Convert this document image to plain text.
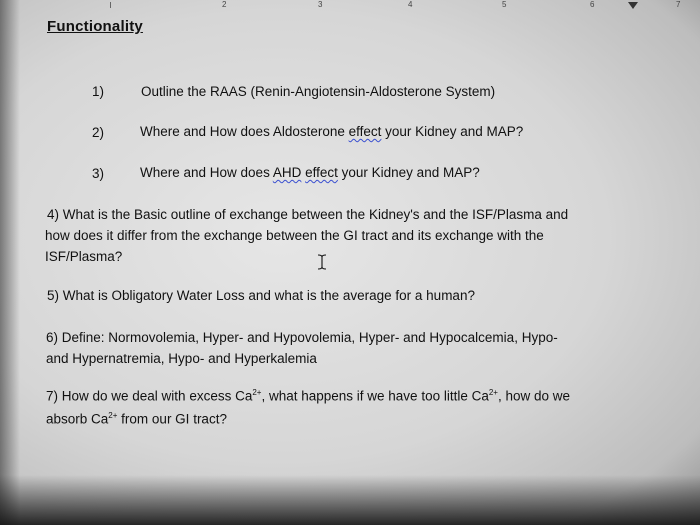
2	3	4	5	6	7
Functionality
1)	Outline the RAAS (Renin-Angiotensin-Aldosterone System)
2)	Where and How does Aldosterone effect your Kidney and MAP?
3)	Where and How does AHD effect your Kidney and MAP?
4) What is the Basic outline of exchange between the Kidney's and the ISF/Plasma and
how does it differ from the exchange between the GI tract and its exchange with the
ISF/Plasma?
5) What is Obligatory Water Loss and what is the average for a human?
6) Define: Normovolemia, Hyper- and Hypovolemia, Hyper- and Hypocalcemia, Hypo-
and Hypernatremia, Hypo- and Hyperkalemia
7) How do we deal with excess $Ca^{2+}$, what happens if we have too little $Ca^{2+}$, how do we
absorb $Ca^{2+}$ from our GI tract?
